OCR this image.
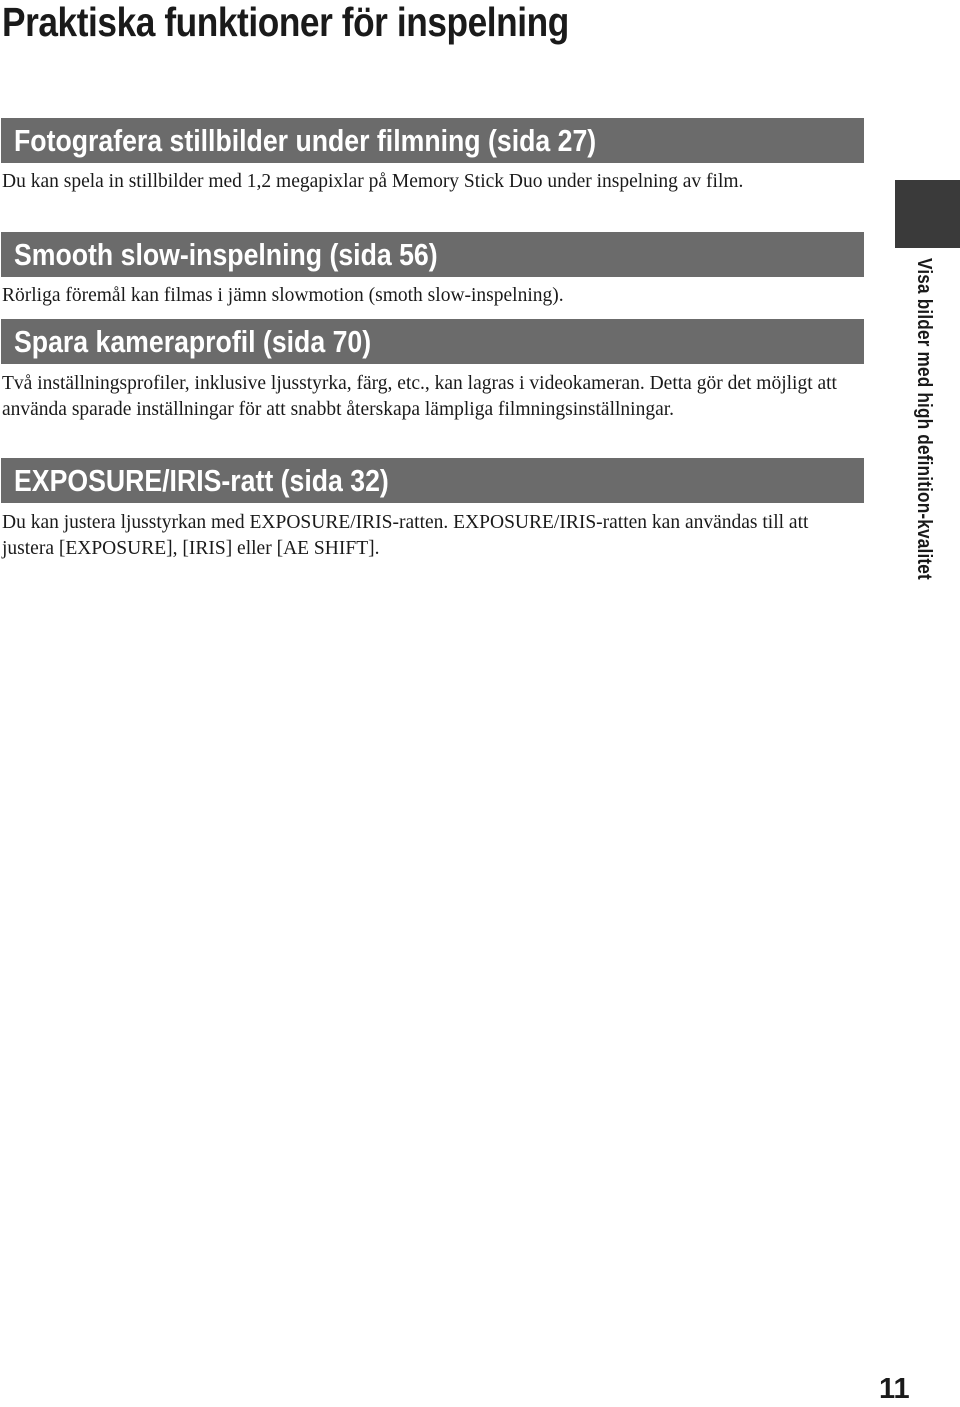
Praktiska funktioner för inspelning
Fotografera stillbilder under filmning (sida 27)

Du kan spela in stillbilder med 1,2 megapixlar på Memory Stick Duo under inspelning av film.

Smooth slow-inspelning (sida 56)

Rörliga föremål kan filmas i jämn slowmotion (smoth slow-inspelning).

Spara kameraprofil (sida 70)

Två inställningsprofiler, inklusive ljusstyrka, färg, etc., kan lagras i videokameran. Detta gör det möjligt att använda sparade inställningar för att snabbt återskapa lämpliga filmningsinställningar.

EXPOSURE/IRIS-ratt (sida 32)

Du kan justera ljusstyrkan med EXPOSURE/IRIS-ratten. EXPOSURE/IRIS-ratten kan användas till att justera [EXPOSURE], [IRIS] eller [AE SHIFT].	Visa bilder med high definition-kvalitet
11
